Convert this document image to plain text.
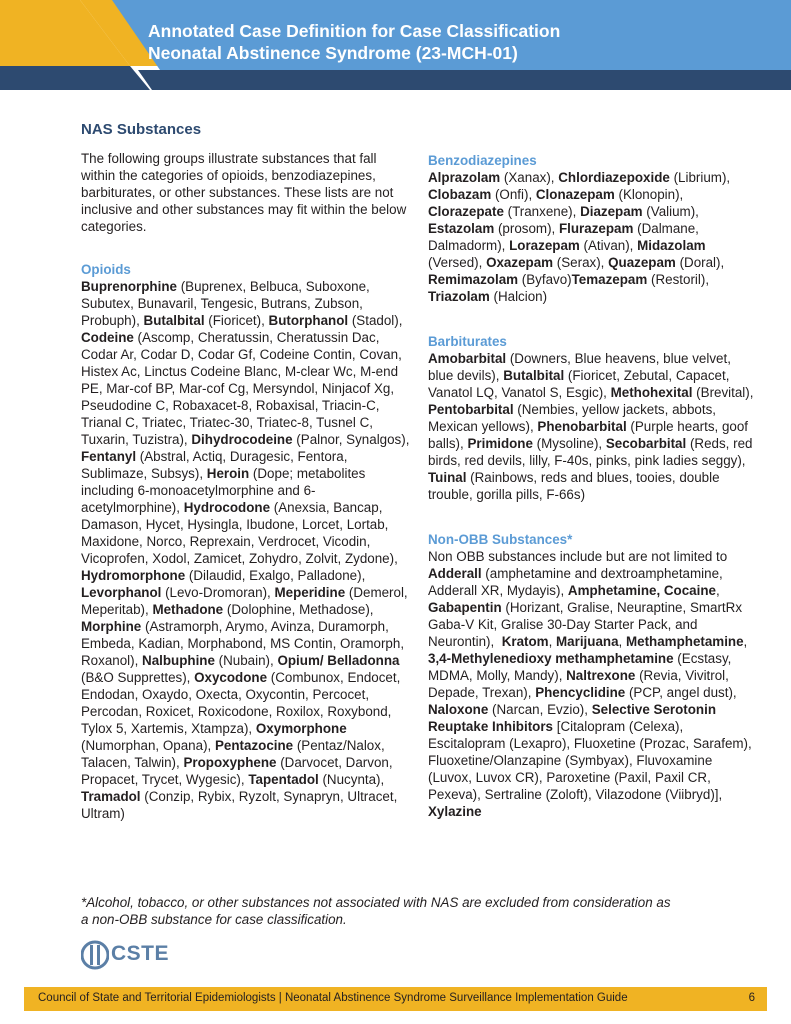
Annotated Case Definition for Case Classification
Neonatal Abstinence Syndrome (23-MCH-01)
NAS Substances
The following groups illustrate substances that fall within the categories of opioids, benzodiazepines, barbiturates, or other substances. These lists are not inclusive and other substances may fit within the below categories.
Opioids
Buprenorphine (Buprenex, Belbuca, Suboxone, Subutex, Bunavaril, Tengesic, Butrans, Zubson, Probuph), Butalbital (Fioricet), Butorphanol (Stadol), Codeine (Ascomp, Cheratussin, Cheratussin Dac, Codar Ar, Codar D, Codar Gf, Codeine Contin, Covan, Histex Ac, Linctus Codeine Blanc, M-clear Wc, M-end PE, Mar-cof BP, Mar-cof Cg, Mersyndol, Ninjacof Xg, Pseudodine C, Robaxacet-8, Robaxisal, Triacin-C, Trianal C, Triatec, Triatec-30, Triatec-8, Tusnel C, Tuxarin, Tuzistra), Dihydrocodeine (Palnor, Synalgos), Fentanyl (Abstral, Actiq, Duragesic, Fentora, Sublimaze, Subsys), Heroin (Dope; metabolites including 6-monoacetylmorphine and 6-acetylmorphine), Hydrocodone (Anexsia, Bancap, Damason, Hycet, Hysingla, Ibudone, Lorcet, Lortab, Maxidone, Norco, Reprexain, Verdrocet, Vicodin, Vicoprofen, Xodol, Zamicet, Zohydro, Zolvit, Zydone), Hydromorphone (Dilaudid, Exalgo, Palladone), Levorphanol (Levo-Dromoran), Meperidine (Demerol, Meperitab), Methadone (Dolophine, Methadose), Morphine (Astramorph, Arymo, Avinza, Duramorph, Embeda, Kadian, Morphabond, MS Contin, Oramorph, Roxanol), Nalbuphine (Nubain), Opium/ Belladonna (B&O Supprettes), Oxycodone (Combunox, Endocet, Endodan, Oxaydo, Oxecta, Oxycontin, Percocet, Percodan, Roxicet, Roxicodone, Roxilox, Roxybond, Tylox 5, Xartemis, Xtampza), Oxymorphone (Numorphan, Opana), Pentazocine (Pentaz/Nalox, Talacen, Talwin), Propoxyphene (Darvocet, Darvon, Propacet, Trycet, Wygesic), Tapentadol (Nucynta), Tramadol (Conzip, Rybix, Ryzolt, Synapryn, Ultracet, Ultram)
Benzodiazepines
Alprazolam (Xanax), Chlordiazepoxide (Librium), Clobazam (Onfi), Clonazepam (Klonopin), Clorazepate (Tranxene), Diazepam (Valium), Estazolam (prosom), Flurazepam (Dalmane, Dalmadorm), Lorazepam (Ativan), Midazolam (Versed), Oxazepam (Serax), Quazepam (Doral), Remimazolam (Byfavo)Temazepam (Restoril), Triazolam (Halcion)
Barbiturates
Amobarbital (Downers, Blue heavens, blue velvet, blue devils), Butalbital (Fioricet, Zebutal, Capacet, Vanatol LQ, Vanatol S, Esgic), Methohexital (Brevital), Pentobarbital (Nembies, yellow jackets, abbots, Mexican yellows), Phenobarbital (Purple hearts, goof balls), Primidone (Mysoline), Secobarbital (Reds, red birds, red devils, lilly, F-40s, pinks, pink ladies seggy), Tuinal (Rainbows, reds and blues, tooies, double trouble, gorilla pills, F-66s)
Non-OBB Substances*
Non OBB substances include but are not limited to Adderall (amphetamine and dextroamphetamine, Adderall XR, Mydayis), Amphetamine, Cocaine, Gabapentin (Horizant, Gralise, Neuraptine, SmartRx Gaba-V Kit, Gralise 30-Day Starter Pack, and Neurontin),  Kratom, Marijuana, Methamphetamine, 3,4-Methylenedioxy methamphetamine (Ecstasy, MDMA, Molly, Mandy), Naltrexone (Revia, Vivitrol, Depade, Trexan), Phencyclidine (PCP, angel dust), Naloxone (Narcan, Evzio), Selective Serotonin Reuptake Inhibitors [Citalopram (Celexa), Escitalopram (Lexapro), Fluoxetine (Prozac, Sarafem), Fluoxetine/Olanzapine (Symbyax), Fluvoxamine (Luvox, Luvox CR), Paroxetine (Paxil, Paxil CR, Pexeva), Sertraline (Zoloft), Vilazodone (Viibryd)], Xylazine
*Alcohol, tobacco, or other substances not associated with NAS are excluded from consideration as
a non-OBB substance for case classification.
CSTE
Council of State and Territorial Epidemiologists | Neonatal Abstinence Syndrome Surveillance Implementation Guide	6
